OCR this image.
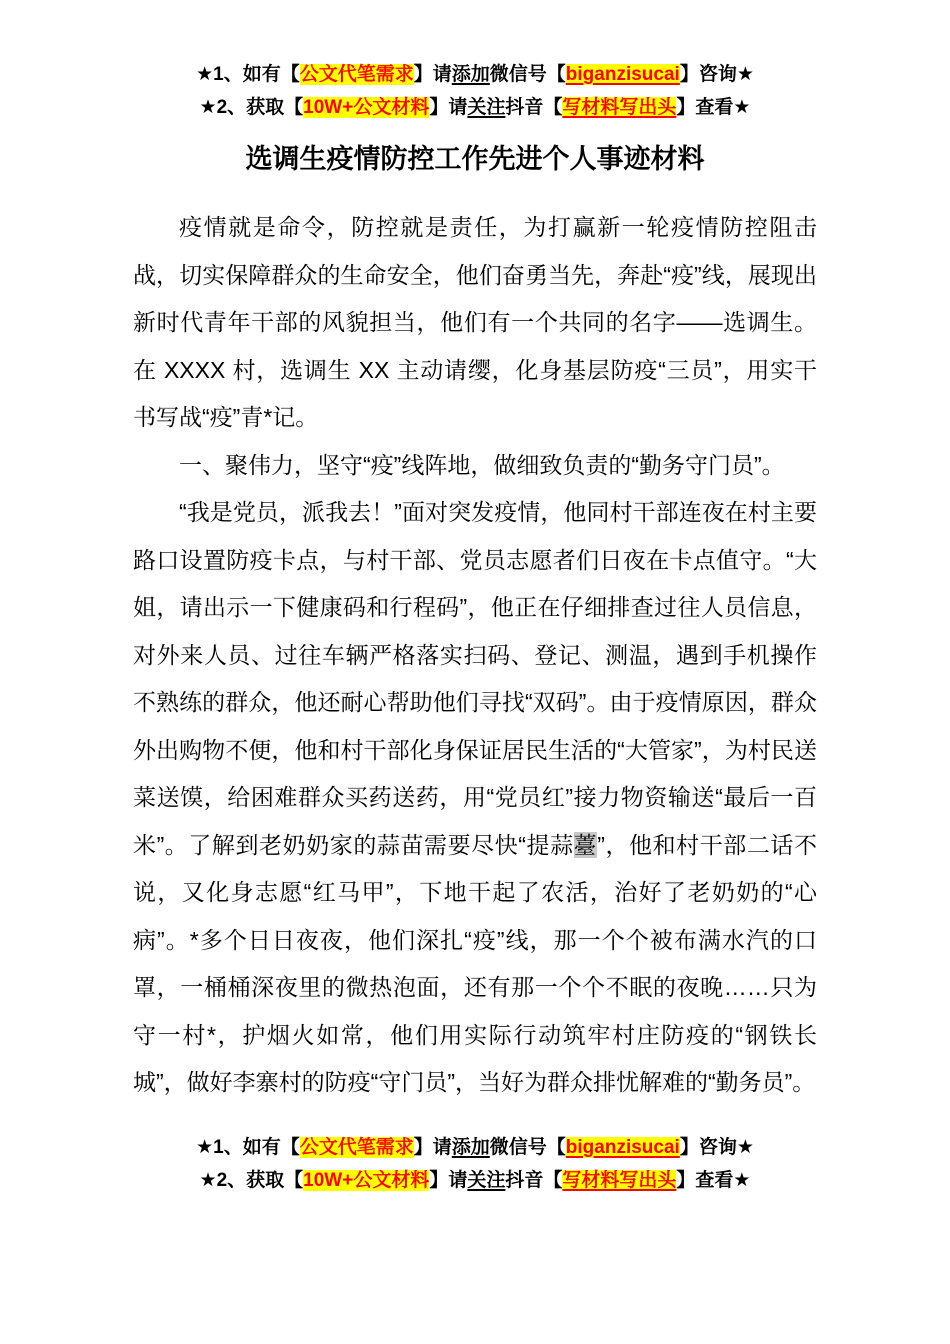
★1、如有【公文代笔需求】请添加微信号【biganzisucai】咨询★
★2、获取【10W+公文材料】请关注抖音【写材料写出头】查看★
选调生疫情防控工作先进个人事迹材料

疫情就是命令，防控就是责任，为打赢新一轮疫情防控阻击战，切实保障群众的生命安全，他们奋勇当先，奔赴“疫”线，展现出新时代青年干部的风貌担当，他们有一个共同的名字——选调生。在 XXXX 村，选调生 XX 主动请缨，化身基层防疫“三员”，用实干书写战“疫”青*记。

一、聚伟力，坚守“疫”线阵地，做细致负责的“勤务守门员”。

“我是党员，派我去！”面对突发疫情，他同村干部连夜在村主要路口设置防疫卡点，与村干部、党员志愿者们日夜在卡点值守。“大姐，请出示一下健康码和行程码”，他正在仔细排查过往人员信息，对外来人员、过往车辆严格落实扫码、登记、测温，遇到手机操作不熟练的群众，他还耐心帮助他们寻找“双码”。由于疫情原因，群众外出购物不便，他和村干部化身保证居民生活的“大管家”，为村民送菜送馍，给困难群众买药送药，用“党员红”接力物资输送“最后一百米”。了解到老奶奶家的蒜苗需要尽快“提蒜薹”，他和村干部二话不说，又化身志愿“红马甲”，下地干起了农活，治好了老奶奶的“心病”。*多个日日夜夜，他们深扎“疫”线，那一个个被布满水汽的口罩，一桶桶深夜里的微热泡面，还有那一个个不眠的夜晚……只为守一村*，护烟火如常，他们用实际行动筑牢村庄防疫的“钢铁长城”，做好李寨村的防疫“守门员”，当好为群众排忧解难的“勤务员”。

★1、如有【公文代笔需求】请添加微信号【biganzisucai】咨询★
★2、获取【10W+公文材料】请关注抖音【写材料写出头】查看★
